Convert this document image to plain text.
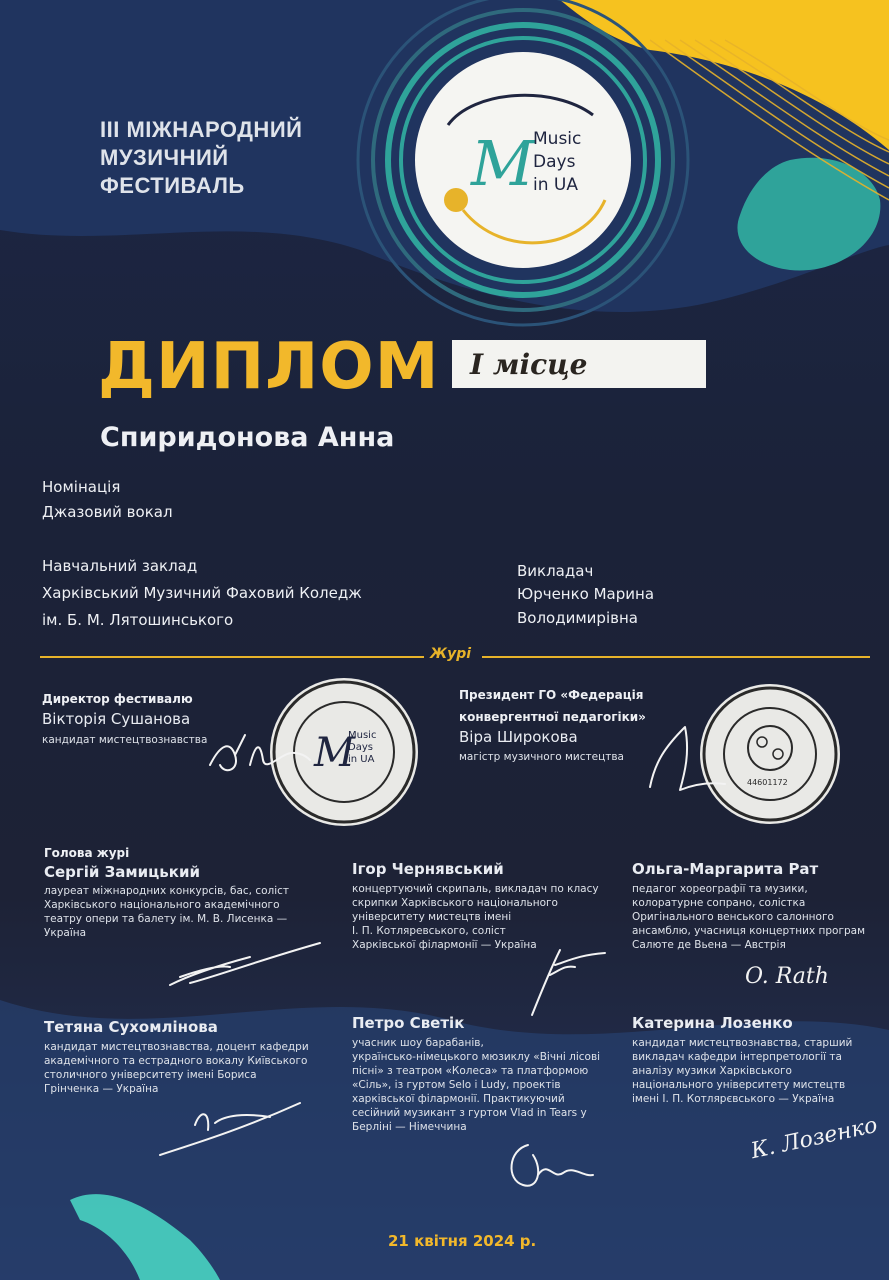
ІІІ МІЖНАРОДНИЙ
МУЗИЧНИЙ
ФЕСТИВАЛЬ	M
Music
Days
in UA
ДИПЛОМ	I місце
Спиридонова Анна
Номінація
Джазовий вокал
Навчальний заклад
Харківський Музичний Фаховий Коледж
ім. Б. М. Лятошинського
Викладач
Юрченко Марина
Володимирівна
Журі
Директор фестивалю
Вікторія Сушанова
кандидат мистецтвознавства	M
Music
Days
in UA
Президент ГО «Федерація
конвергентної педагогіки»
Віра Широкова
магістр музичного мистецтва
44601172
Голова журі
Сергій Замицький
лауреат міжнародних конкурсів, бас, соліст
Харківського національного академічного
театру опери та балету ім. М. В. Лисенка —
Україна
Ігор Чернявський
концертуючий скрипаль, викладач по класу
скрипки Харківського національного
університету мистецтв імені
І. П. Котляревського, соліст
Харківської філармонії — Україна
Ольга-Маргарита Рат
педагог хореографії та музики,
колоратурне сопрано, солістка
Оригінального венського салонного
ансамблю, учасниця концертних програм
Салюте де Вьена — Австрія
O. Rath
Тетяна Сухомлінова
кандидат мистецтвознавства, доцент кафедри
академічного та естрадного вокалу Київського
столичного університету імені Бориса
Грінченка — Україна
Петро Светік
учасник шоу барабанів,
українсько-німецького мюзиклу «Вічні лісові
пісні» з театром «Колеса» та платформою
«Сіль», із гуртом Selo і Ludy, проектів
харківської філармонії. Практикуючий
сесійний музикант з гуртом Vlad in Tears у
Берліні — Німеччина
Катерина Лозенко
кандидат мистецтвознавства, старший
викладач кафедри інтерпретології та
аналізу музики Харківського
національного університету мистецтв
імені І. П. Котлярєвського — Україна
К. Лозенко
21 квітня 2024 р.
